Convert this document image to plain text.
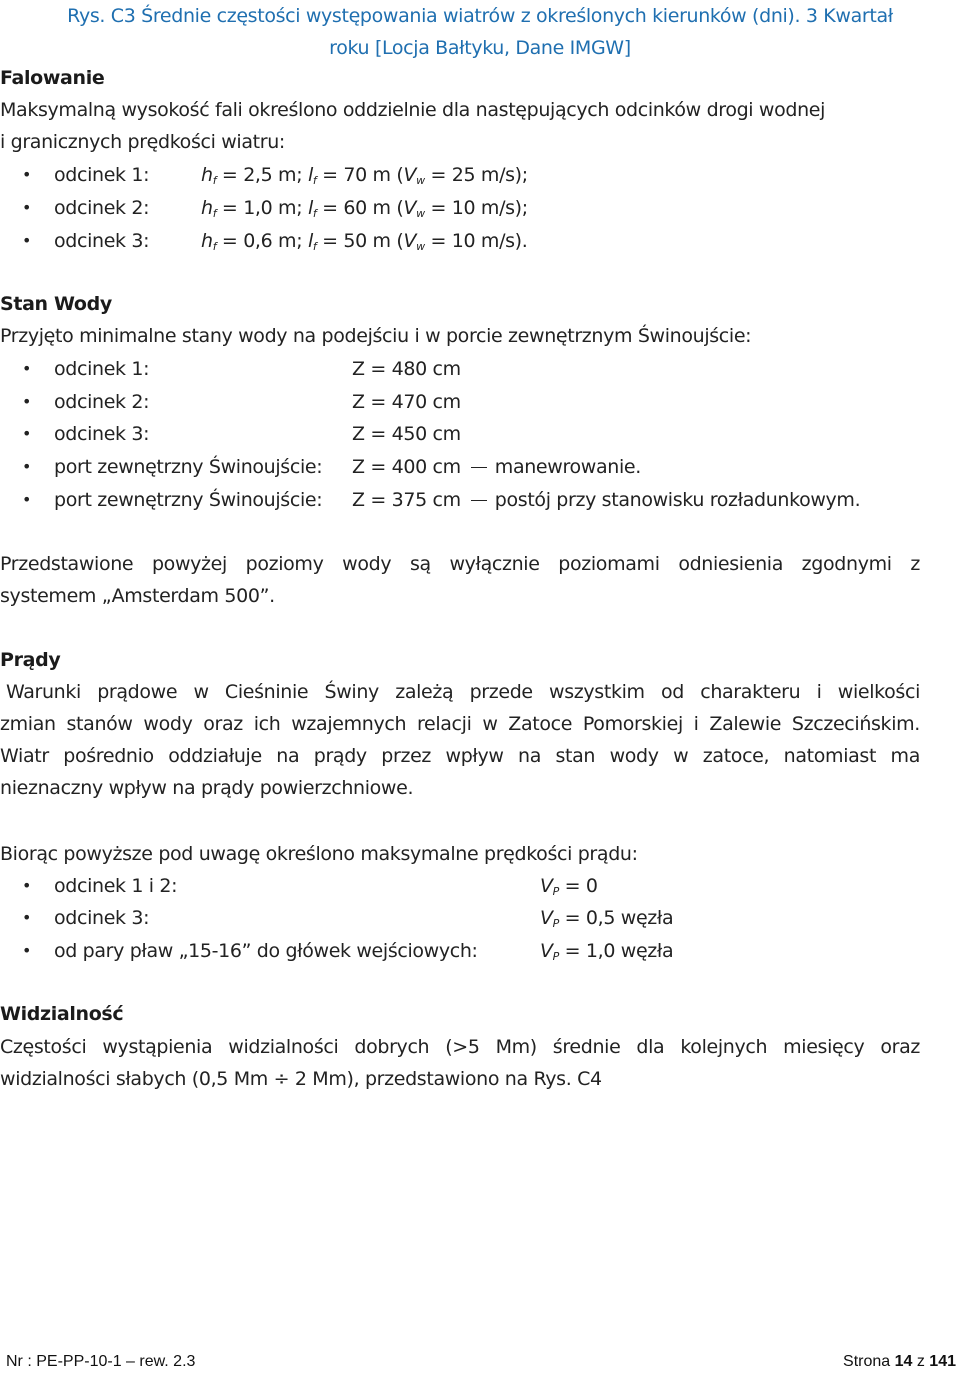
Rys. C3 Średnie częstości występowania wiatrów z określonych kierunków (dni). 3 Kwartał
roku [Locja Bałtyku, Dane IMGW]
Falowanie
Maksymalną wysokość fali określono oddzielnie dla następujących odcinków drogi wodnej
i granicznych prędkości wiatru:
• odcinek 1:	$h_f = 2,5$ m; $l_f = 70$ m ($V_w = 25$ m/s);
• odcinek 2:	$h_f = 1,0$ m; $l_f = 60$ m ($V_w = 10$ m/s);
• odcinek 3:	$h_f = 0,6$ m; $l_f = 50$ m ($V_w = 10$ m/s).
Stan Wody
Przyjęto minimalne stany wody na podejściu i w porcie zewnętrznym Świnoujście:
• odcinek 1:	Z = 480 cm
• odcinek 2:	Z = 470 cm
• odcinek 3:	Z = 450 cm
• port zewnętrzny Świnoujście: Z = 400 cm manewrowanie.
• port zewnętrzny Świnoujście: Z = 375 cm postój przy stanowisku rozładunkowym.
Przedstawione powyżej poziomy wody są wyłącznie poziomami odniesienia zgodnymi z
systemem „Amsterdam 500”.
Prądy
Warunki prądowe w Cieśninie Świny zależą przede wszystkim od charakteru i wielkości
zmian stanów wody oraz ich wzajemnych relacji w Zatoce Pomorskiej i Zalewie Szczecińskim.
Wiatr pośrednio oddziałuje na prądy przez wpływ na stan wody w zatoce, natomiast ma
nieznaczny wpływ na prądy powierzchniowe.
Biorąc powyższe pod uwagę określono maksymalne prędkości prądu:
• odcinek 1 i 2:	$V_P = 0$
• odcinek 3:	$V_P = 0,5$ węzła
• od pary pław „15-16” do główek wejściowych:	$V_P = 1,0$ węzła
Widzialność
Częstości wystąpienia widzialności dobrych (>5 Mm) średnie dla kolejnych miesięcy oraz
widzialności słabych (0,5 Mm ÷ 2 Mm), przedstawiono na Rys. C4
Nr : PE-PP-10-1 – rew. 2.3	Strona 14 z 141
